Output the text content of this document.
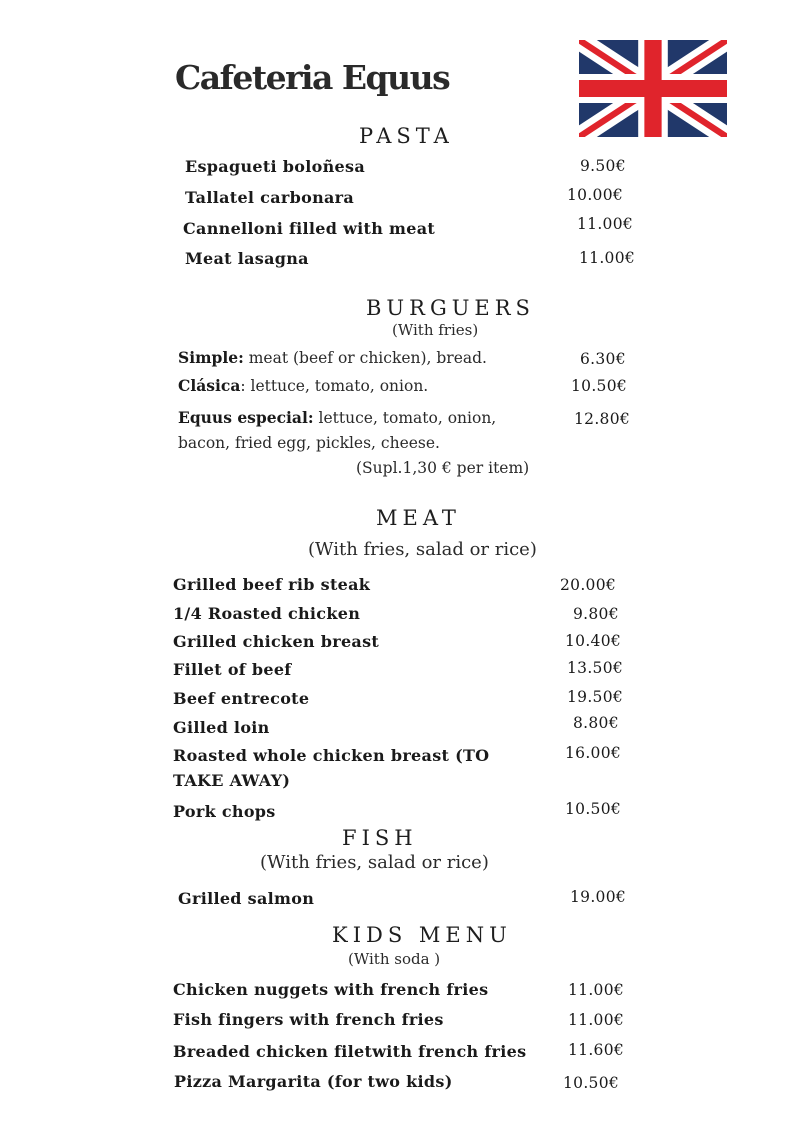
Cafeteria Equus
PASTA
Espagueti boloñesa	9.50€
Tallatel carbonara	10.00€
Cannelloni filled with meat	11.00€
Meat lasagna	11.00€
BURGUERS
(With fries)
Simple: meat (beef or chicken), bread.	6.30€
Clásica: lettuce, tomato, onion.	10.50€
Equus especial: lettuce, tomato, onion, bacon, fried egg, pickles, cheese.
12.80€
(Supl.1,30 € per item)
MEAT
(With fries, salad or rice)
Grilled beef rib steak	20.00€
1/4 Roasted chicken	9.80€
Grilled chicken breast	10.40€
Fillet of beef	13.50€
Beef entrecote	19.50€
Gilled loin	8.80€
Roasted whole chicken breast (TO TAKE AWAY)
16.00€
Pork chops	10.50€
FISH
(With fries, salad or rice)
Grilled salmon	19.00€
KIDS MENU
(With soda )
Chicken nuggets with french fries	11.00€
Fish fingers with french fries	11.00€
Breaded chicken filetwith french fries	11.60€
Pizza Margarita (for two kids)	10.50€
